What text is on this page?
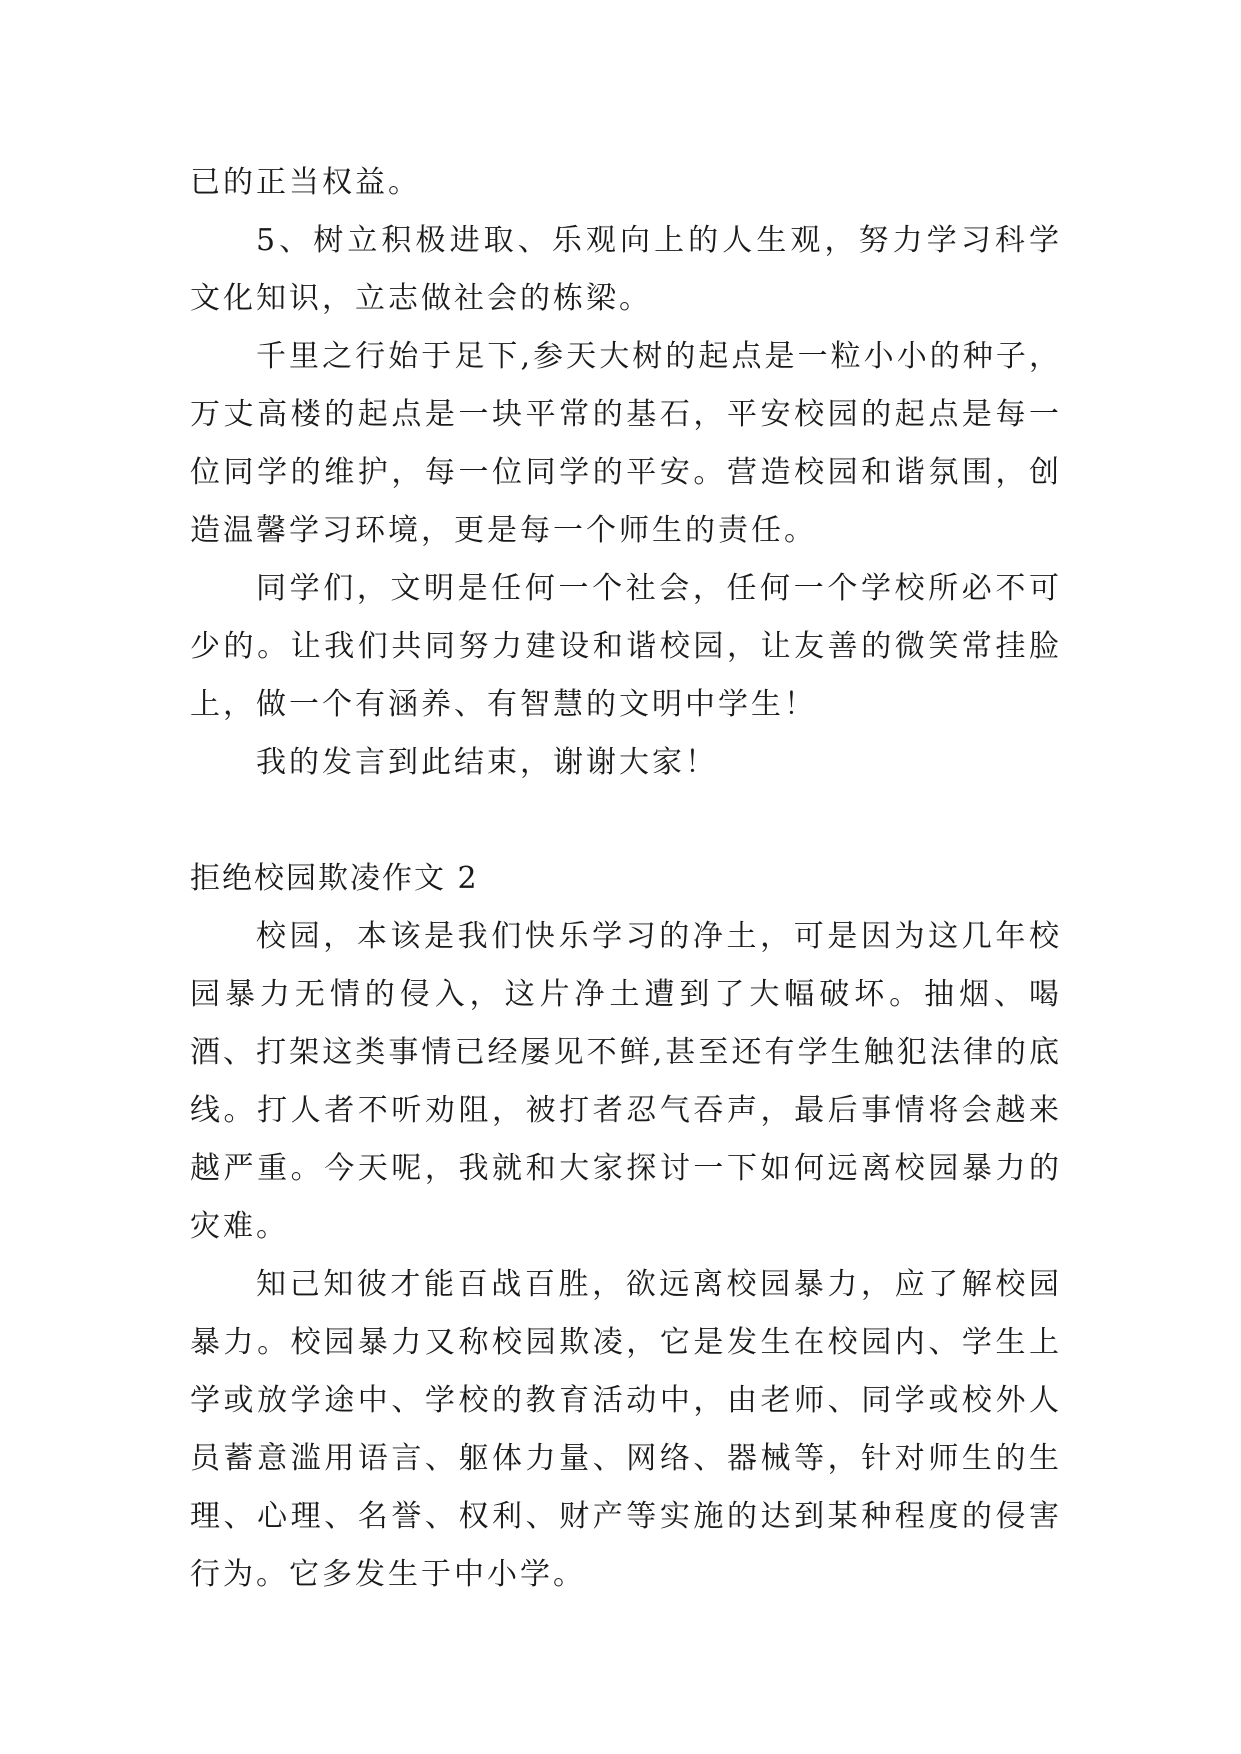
已的正当权益。

5、树立积极进取、乐观向上的人生观，努力学习科学文化知识，立志做社会的栋梁。

千里之行始于足下,参天大树的起点是一粒小小的种子，万丈高楼的起点是一块平常的基石，平安校园的起点是每一位同学的维护，每一位同学的平安。营造校园和谐氛围，创造温馨学习环境，更是每一个师生的责任。

同学们，文明是任何一个社会，任何一个学校所必不可少的。让我们共同努力建设和谐校园，让友善的微笑常挂脸上，做一个有涵养、有智慧的文明中学生！

我的发言到此结束，谢谢大家！

拒绝校园欺凌作文 2

校园，本该是我们快乐学习的净土，可是因为这几年校园暴力无情的侵入，这片净土遭到了大幅破坏。抽烟、喝酒、打架这类事情已经屡见不鲜,甚至还有学生触犯法律的底线。打人者不听劝阻，被打者忍气吞声，最后事情将会越来越严重。今天呢，我就和大家探讨一下如何远离校园暴力的灾难。

知己知彼才能百战百胜，欲远离校园暴力，应了解校园暴力。校园暴力又称校园欺凌，它是发生在校园内、学生上学或放学途中、学校的教育活动中，由老师、同学或校外人员蓄意滥用语言、躯体力量、网络、器械等，针对师生的生理、心理、名誉、权利、财产等实施的达到某种程度的侵害行为。它多发生于中小学。
